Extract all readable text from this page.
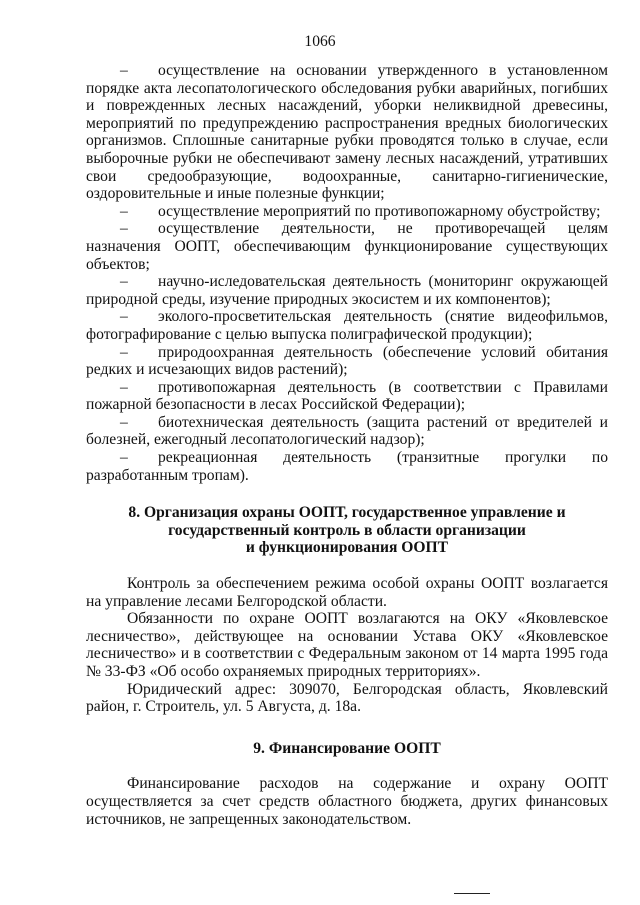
1066

– осуществление на основании утвержденного в установленном порядке акта лесопатологического обследования рубки аварийных, погибших и поврежденных лесных насаждений, уборки неликвидной древесины, мероприятий по предупреждению распространения вредных биологических организмов. Сплошные санитарные рубки проводятся только в случае, если выборочные рубки не обеспечивают замену лесных насаждений, утративших свои средообразующие, водоохранные, санитарно-гигиенические, оздоровительные и иные полезные функции;

– осуществление мероприятий по противопожарному обустройству;

– осуществление деятельности, не противоречащей целям назначения ООПТ, обеспечивающим функционирование существующих объектов;

– научно-иследовательская деятельность (мониторинг окружающей природной среды, изучение природных экосистем и их компонентов);

– эколого-просветительская деятельность (снятие видеофильмов, фотографирование с целью выпуска полиграфической продукции);

– природоохранная деятельность (обеспечение условий обитания редких и исчезающих видов растений);

– противопожарная деятельность (в соответствии с Правилами пожарной безопасности в лесах Российской Федерации);

– биотехническая деятельность (защита растений от вредителей и болезней, ежегодный лесопатологический надзор);

– рекреационная деятельность (транзитные прогулки по разработанным тропам).

8. Организация охраны ООПТ, государственное управление и

государственный контроль в области организации

и функционирования ООПТ

Контроль за обеспечением режима особой охраны ООПТ возлагается на управление лесами Белгородской области.

Обязанности по охране ООПТ возлагаются на ОКУ «Яковлевское лесничество», действующее на основании Устава ОКУ «Яковлевское лесничество» и в соответствии с Федеральным законом от 14 марта 1995 года № 33-ФЗ «Об особо охраняемых природных территориях».

Юридический адрес: 309070, Белгородская область, Яковлевский район, г. Строитель, ул. 5 Августа, д. 18а.

9. Финансирование ООПТ

Финансирование расходов на содержание и охрану ООПТ осуществляется за счет средств областного бюджета, других финансовых источников, не запрещенных законодательством.
